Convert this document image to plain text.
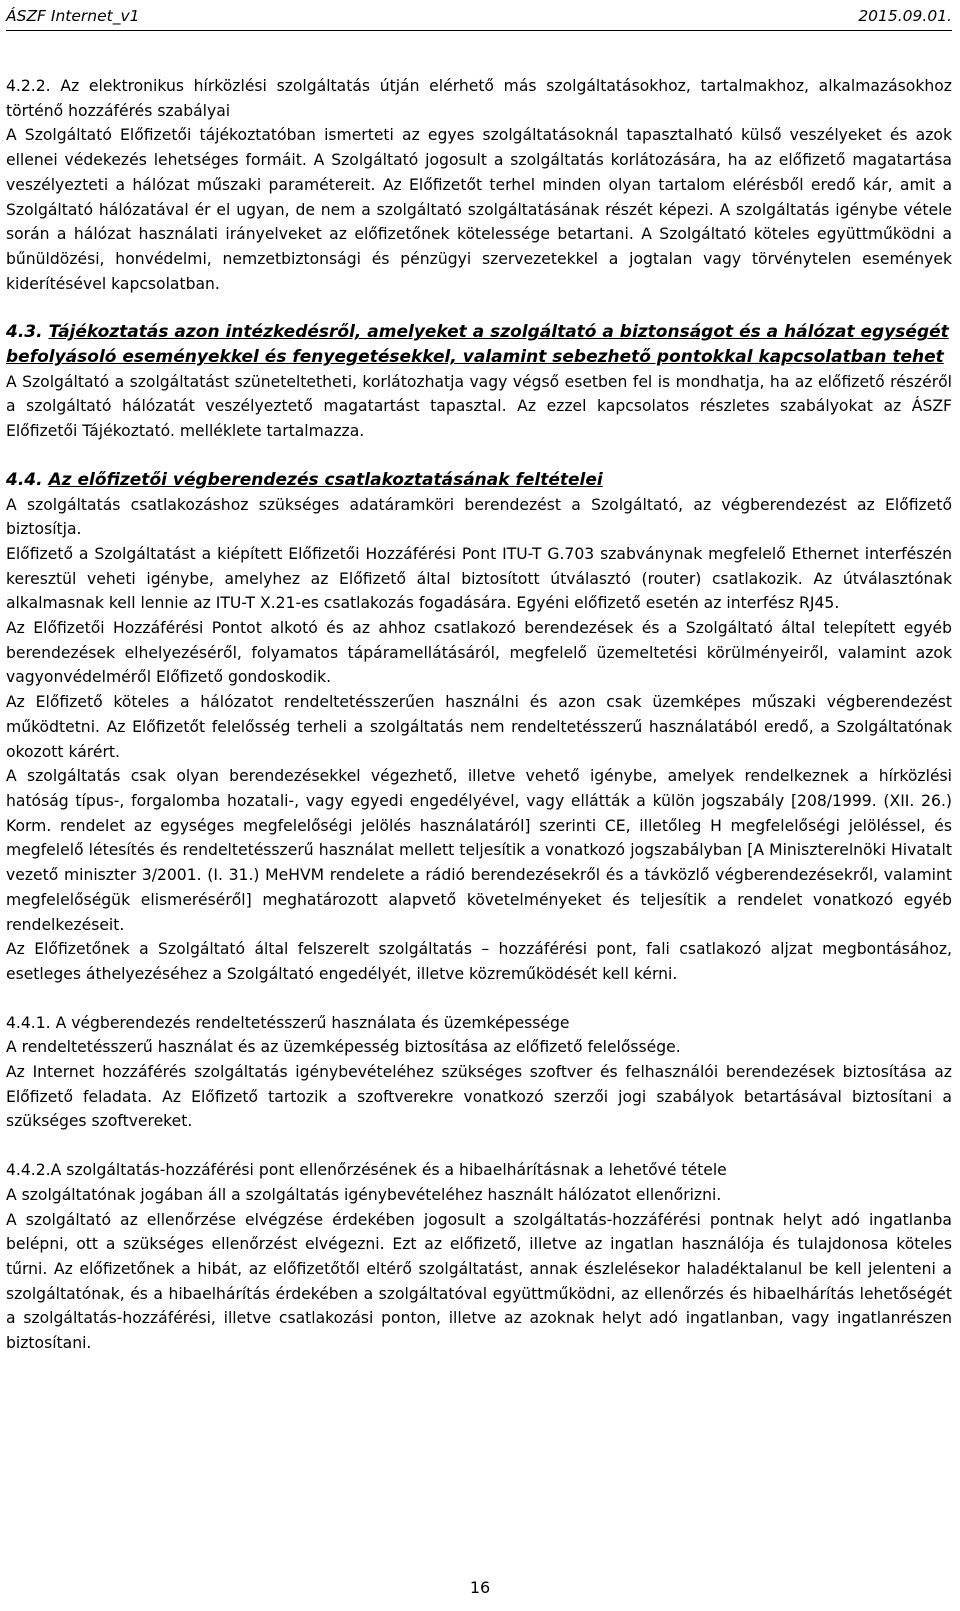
ÁSZF Internet_v1	2015.09.01.

4.2.2. Az elektronikus hírközlési szolgáltatás útján elérhető más szolgáltatásokhoz, tartalmakhoz, alkalmazásokhoz történő hozzáférés szabályai

A Szolgáltató Előfizetői tájékoztatóban ismerteti az egyes szolgáltatásoknál tapasztalható külső veszélyeket és azok ellenei védekezés lehetséges formáit. A Szolgáltató jogosult a szolgáltatás korlátozására, ha az előfizető magatartása veszélyezteti a hálózat műszaki paramétereit. Az Előfizetőt terhel minden olyan tartalom elérésből eredő kár, amit a Szolgáltató hálózatával ér el ugyan, de nem a szolgáltató szolgáltatásának részét képezi. A szolgáltatás igénybe vétele során a hálózat használati irányelveket az előfizetőnek kötelessége betartani. A Szolgáltató köteles együttműködni a bűnüldözési, honvédelmi, nemzetbiztonsági és pénzügyi szervezetekkel a jogtalan vagy törvénytelen események kiderítésével kapcsolatban.

4.3. Tájékoztatás azon intézkedésről, amelyeket a szolgáltató a biztonságot és a hálózat egységét befolyásoló eseményekkel és fenyegetésekkel, valamint sebezhető pontokkal kapcsolatban tehet

A Szolgáltató a szolgáltatást szüneteltetheti, korlátozhatja vagy végső esetben fel is mondhatja, ha az előfizető részéről a szolgáltató hálózatát veszélyeztető magatartást tapasztal. Az ezzel kapcsolatos részletes szabályokat az ÁSZF Előfizetői Tájékoztató. melléklete tartalmazza.

4.4. Az előfizetői végberendezés csatlakoztatásának feltételei

A szolgáltatás csatlakozáshoz szükséges adatáramköri berendezést a Szolgáltató, az végberendezést az Előfizető biztosítja.

Előfizető a Szolgáltatást a kiépített Előfizetői Hozzáférési Pont ITU-T G.703 szabványnak megfelelő Ethernet interfészén keresztül veheti igénybe, amelyhez az Előfizető által biztosított útválasztó (router) csatlakozik. Az útválasztónak alkalmasnak kell lennie az ITU-T X.21-es csatlakozás fogadására. Egyéni előfizető esetén az interfész RJ45.

Az Előfizetői Hozzáférési Pontot alkotó és az ahhoz csatlakozó berendezések és a Szolgáltató által telepített egyéb berendezések elhelyezéséről, folyamatos tápáramellátásáról, megfelelő üzemeltetési körülményeiről, valamint azok vagyonvédelméről Előfizető gondoskodik.

Az Előfizető köteles a hálózatot rendeltetésszerűen használni és azon csak üzemképes műszaki végberendezést működtetni. Az Előfizetőt felelősség terheli a szolgáltatás nem rendeltetésszerű használatából eredő, a Szolgáltatónak okozott kárért.

A szolgáltatás csak olyan berendezésekkel végezhető, illetve vehető igénybe, amelyek rendelkeznek a hírközlési hatóság típus-, forgalomba hozatali-, vagy egyedi engedélyével, vagy ellátták a külön jogszabály [208/1999. (XII. 26.) Korm. rendelet az egységes megfelelőségi jelölés használatáról] szerinti CE, illetőleg H megfelelőségi jelöléssel, és megfelelő létesítés és rendeltetésszerű használat mellett teljesítik a vonatkozó jogszabályban [A Miniszterelnöki Hivatalt vezető miniszter 3/2001. (I. 31.) MeHVM rendelete a rádió berendezésekről és a távközlő végberendezésekről, valamint megfelelőségük elismeréséről] meghatározott alapvető követelményeket és teljesítik a rendelet vonatkozó egyéb rendelkezéseit.

Az Előfizetőnek a Szolgáltató által felszerelt szolgáltatás – hozzáférési pont, fali csatlakozó aljzat megbontásához, esetleges áthelyezéséhez a Szolgáltató engedélyét, illetve közreműködését kell kérni.

4.4.1. A végberendezés rendeltetésszerű használata és üzemképessége

A rendeltetésszerű használat és az üzemképesség biztosítása az előfizető felelőssége.

Az Internet hozzáférés szolgáltatás igénybevételéhez szükséges szoftver és felhasználói berendezések biztosítása az Előfizető feladata. Az Előfizető tartozik a szoftverekre vonatkozó szerzői jogi szabályok betartásával biztosítani a szükséges szoftvereket.

4.4.2.A szolgáltatás-hozzáférési pont ellenőrzésének és a hibaelhárításnak a lehetővé tétele

A szolgáltatónak jogában áll a szolgáltatás igénybevételéhez használt hálózatot ellenőrizni.

A szolgáltató az ellenőrzése elvégzése érdekében jogosult a szolgáltatás-hozzáférési pontnak helyt adó ingatlanba belépni, ott a szükséges ellenőrzést elvégezni. Ezt az előfizető, illetve az ingatlan használója és tulajdonosa köteles tűrni. Az előfizetőnek a hibát, az előfizetőtől eltérő szolgáltatást, annak észlelésekor haladéktalanul be kell jelenteni a szolgáltatónak, és a hibaelhárítás érdekében a szolgáltatóval együttműködni, az ellenőrzés és hibaelhárítás lehetőségét a szolgáltatás-hozzáférési, illetve csatlakozási ponton, illetve az azoknak helyt adó ingatlanban, vagy ingatlanrészen biztosítani.

16
